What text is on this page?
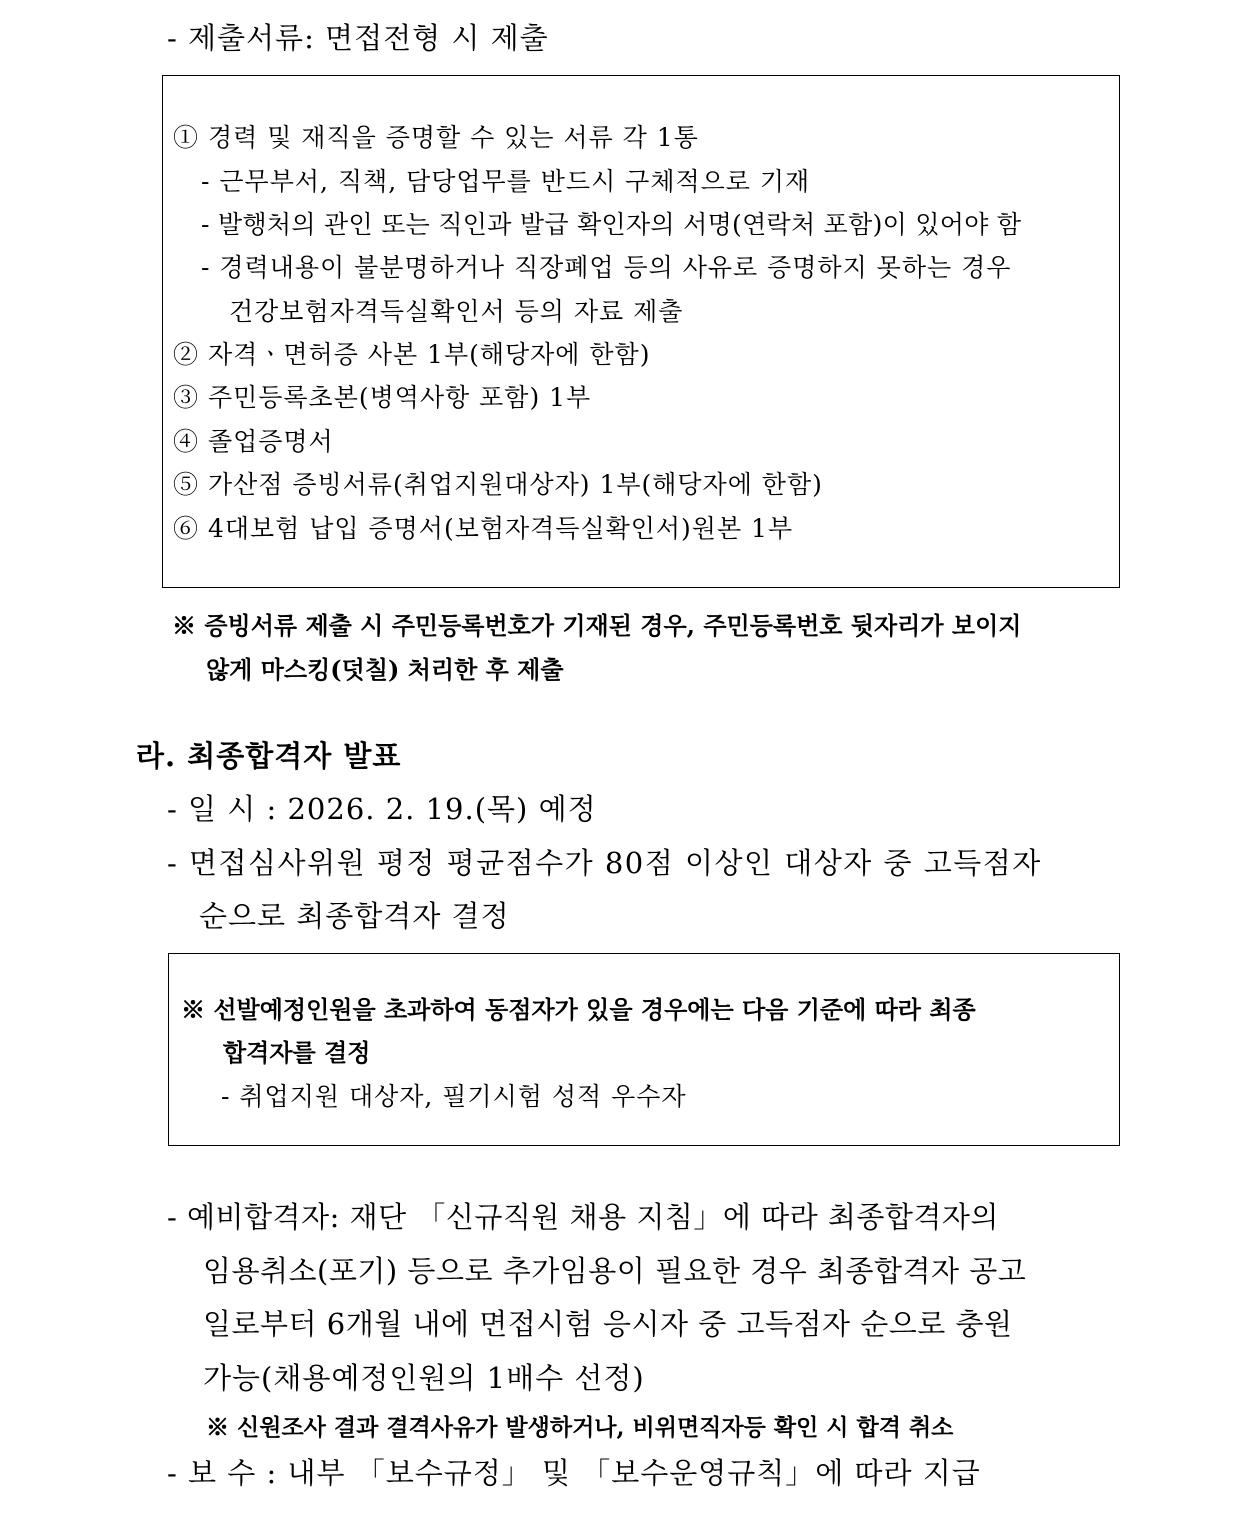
- 제출서류: 면접전형 시 제출
① 경력 및 재직을 증명할 수 있는 서류 각 1통
- 근무부서, 직책, 담당업무를 반드시 구체적으로 기재
- 발행처의 관인 또는 직인과 발급 확인자의 서명(연락처 포함)이 있어야 함
- 경력내용이 불분명하거나 직장폐업 등의 사유로 증명하지 못하는 경우
건강보험자격득실확인서 등의 자료 제출
② 자격ㆍ면허증 사본 1부(해당자에 한함)
③ 주민등록초본(병역사항 포함) 1부
④ 졸업증명서
⑤ 가산점 증빙서류(취업지원대상자) 1부(해당자에 한함)
⑥ 4대보험 납입 증명서(보험자격득실확인서)원본 1부
※ 증빙서류 제출 시 주민등록번호가 기재된 경우, 주민등록번호 뒷자리가 보이지
않게 마스킹(덧칠) 처리한 후 제출
라. 최종합격자 발표
- 일 시 : 2026. 2. 19.(목) 예정
- 면접심사위원 평정 평균점수가 80점 이상인 대상자 중 고득점자
순으로 최종합격자 결정
※ 선발예정인원을 초과하여 동점자가 있을 경우에는 다음 기준에 따라 최종
합격자를 결정
- 취업지원 대상자, 필기시험 성적 우수자
- 예비합격자: 재단 「신규직원 채용 지침」에 따라 최종합격자의
임용취소(포기) 등으로 추가임용이 필요한 경우 최종합격자 공고
일로부터 6개월 내에 면접시험 응시자 중 고득점자 순으로 충원
가능(채용예정인원의 1배수 선정)
※ 신원조사 결과 결격사유가 발생하거나, 비위면직자등 확인 시 합격 취소
- 보 수 : 내부 「보수규정」 및 「보수운영규칙」에 따라 지급
